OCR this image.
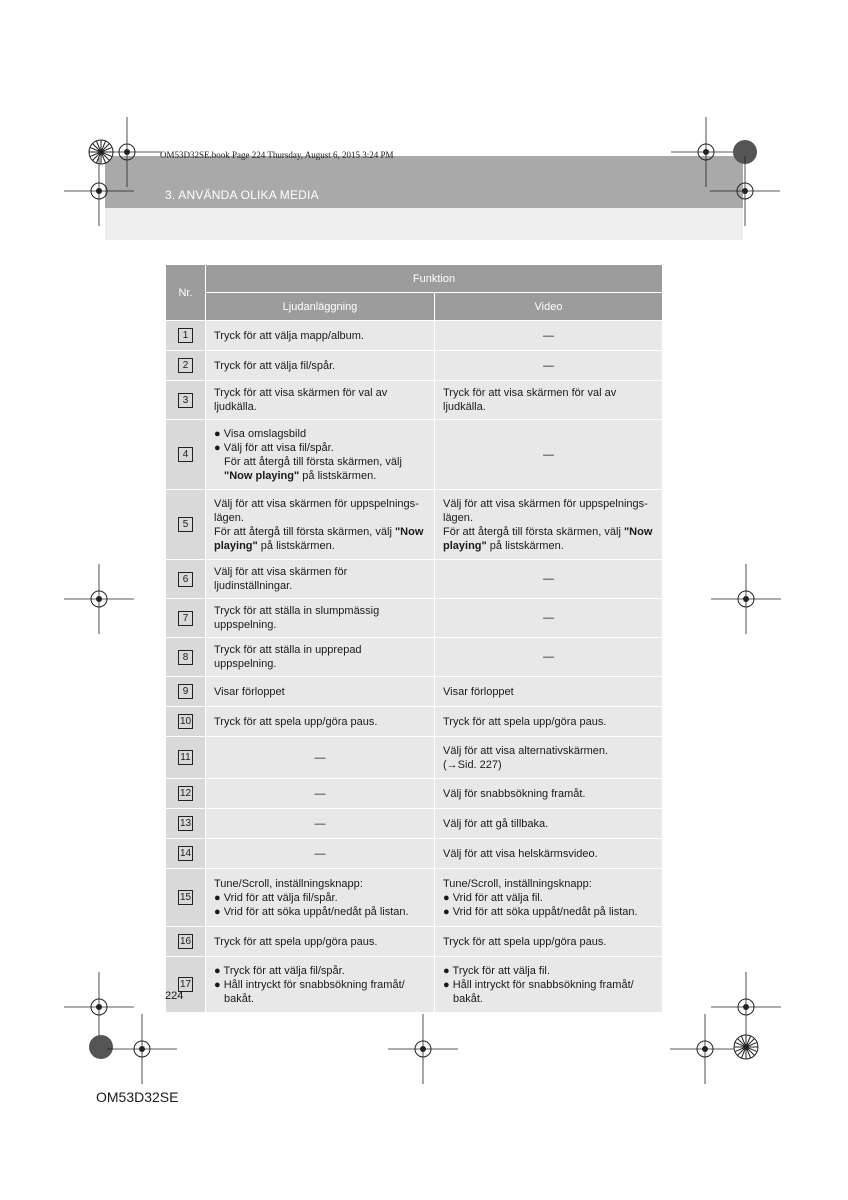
OM53D32SE.book Page 224 Thursday, August 6, 2015 3:24 PM
3. ANVÄNDA OLIKA MEDIA
Nr.	Funktion	
	Ljudanläggning	Video
1	Tryck för att välja mapp/album.	—
2	Tryck för att välja fil/spår.	—
3	Tryck för att visa skärmen för val av ljudkälla.	Tryck för att visa skärmen för val av ljudkälla.
4	● Visa omslagsbild
● Välj för att visa fil/spår.
För att återgå till första skärmen, välj "Now playing" på listskärmen.	—
5	Välj för att visa skärmen för uppspelningslägen.
För att återgå till första skärmen, välj "Now playing" på listskärmen.	Välj för att visa skärmen för uppspelningslägen.
För att återgå till första skärmen, välj "Now playing" på listskärmen.
6	Välj för att visa skärmen för ljudinställningar.	—
7	Tryck för att ställa in slumpmässig uppspelning.	—
8	Tryck för att ställa in upprepad uppspelning.	—
9	Visar förloppet	Visar förloppet
10	Tryck för att spela upp/göra paus.	Tryck för att spela upp/göra paus.
11	—	Välj för att visa alternativskärmen.
(→Sid. 227)
12	—	Välj för snabbsökning framåt.
13	—	Välj för att gå tillbaka.
14	—	Välj för att visa helskärmsvideo.
15	Tune/Scroll, inställningsknapp:
● Vrid för att välja fil/spår.
● Vrid för att söka uppåt/nedåt på listan.	Tune/Scroll, inställningsknapp:
● Vrid för att välja fil.
● Vrid för att söka uppåt/nedåt på listan.

16	Tryck för att spela upp/göra paus.	Tryck för att spela upp/göra paus.
17	● Tryck för att välja fil/spår.
● Håll intryckt för snabbsökning framåt/ bakåt.	● Tryck för att välja fil.
● Håll intryckt för snabbsökning framåt/ bakåt.
224
OM53D32SE
